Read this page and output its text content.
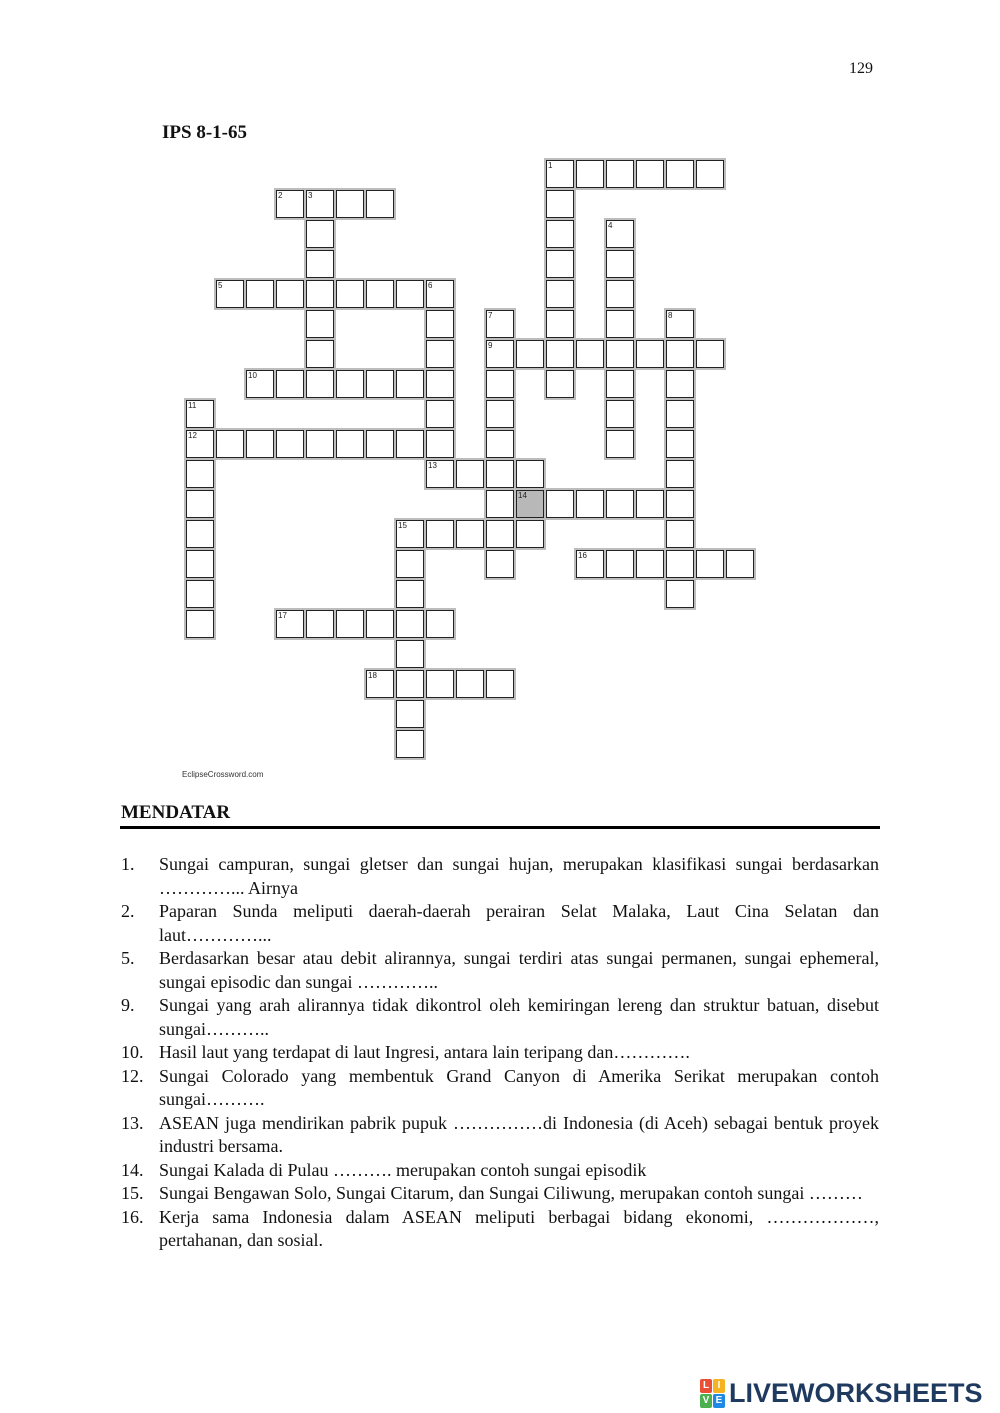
129
IPS 8-1-65
1
2	3
4
5	6
13
7
9
8
10
11
12
14
15
16
17
18
EclipseCrossword.com
MENDATAR
1.	Sungai campuran, sungai gletser dan sungai hujan, merupakan klasifikasi sungai berdasarkan …………... Airnya
2.	Paparan Sunda meliputi daerah-daerah perairan Selat Malaka, Laut Cina Selatan dan laut…………...
5.	Berdasarkan besar atau debit alirannya, sungai terdiri atas sungai permanen, sungai ephemeral, sungai episodic dan sungai …………..
9.	Sungai yang arah alirannya tidak dikontrol oleh kemiringan lereng dan struktur batuan, disebut sungai………..
10. Hasil laut yang terdapat di laut Ingresi, antara lain teripang dan………….
12. Sungai Colorado yang membentuk Grand Canyon di Amerika Serikat merupakan contoh sungai……….
13. ASEAN juga mendirikan pabrik pupuk ……………di Indonesia (di Aceh) sebagai bentuk proyek industri bersama.
14. Sungai Kalada di Pulau ………. merupakan contoh sungai episodik
15. Sungai Bengawan Solo, Sungai Citarum, dan Sungai Ciliwung, merupakan contoh sungai ………
16. Kerja sama Indonesia dalam ASEAN meliputi berbagai bidang ekonomi, ………………, pertahanan, dan sosial.
L I
V E LIVEWORKSHEETS
